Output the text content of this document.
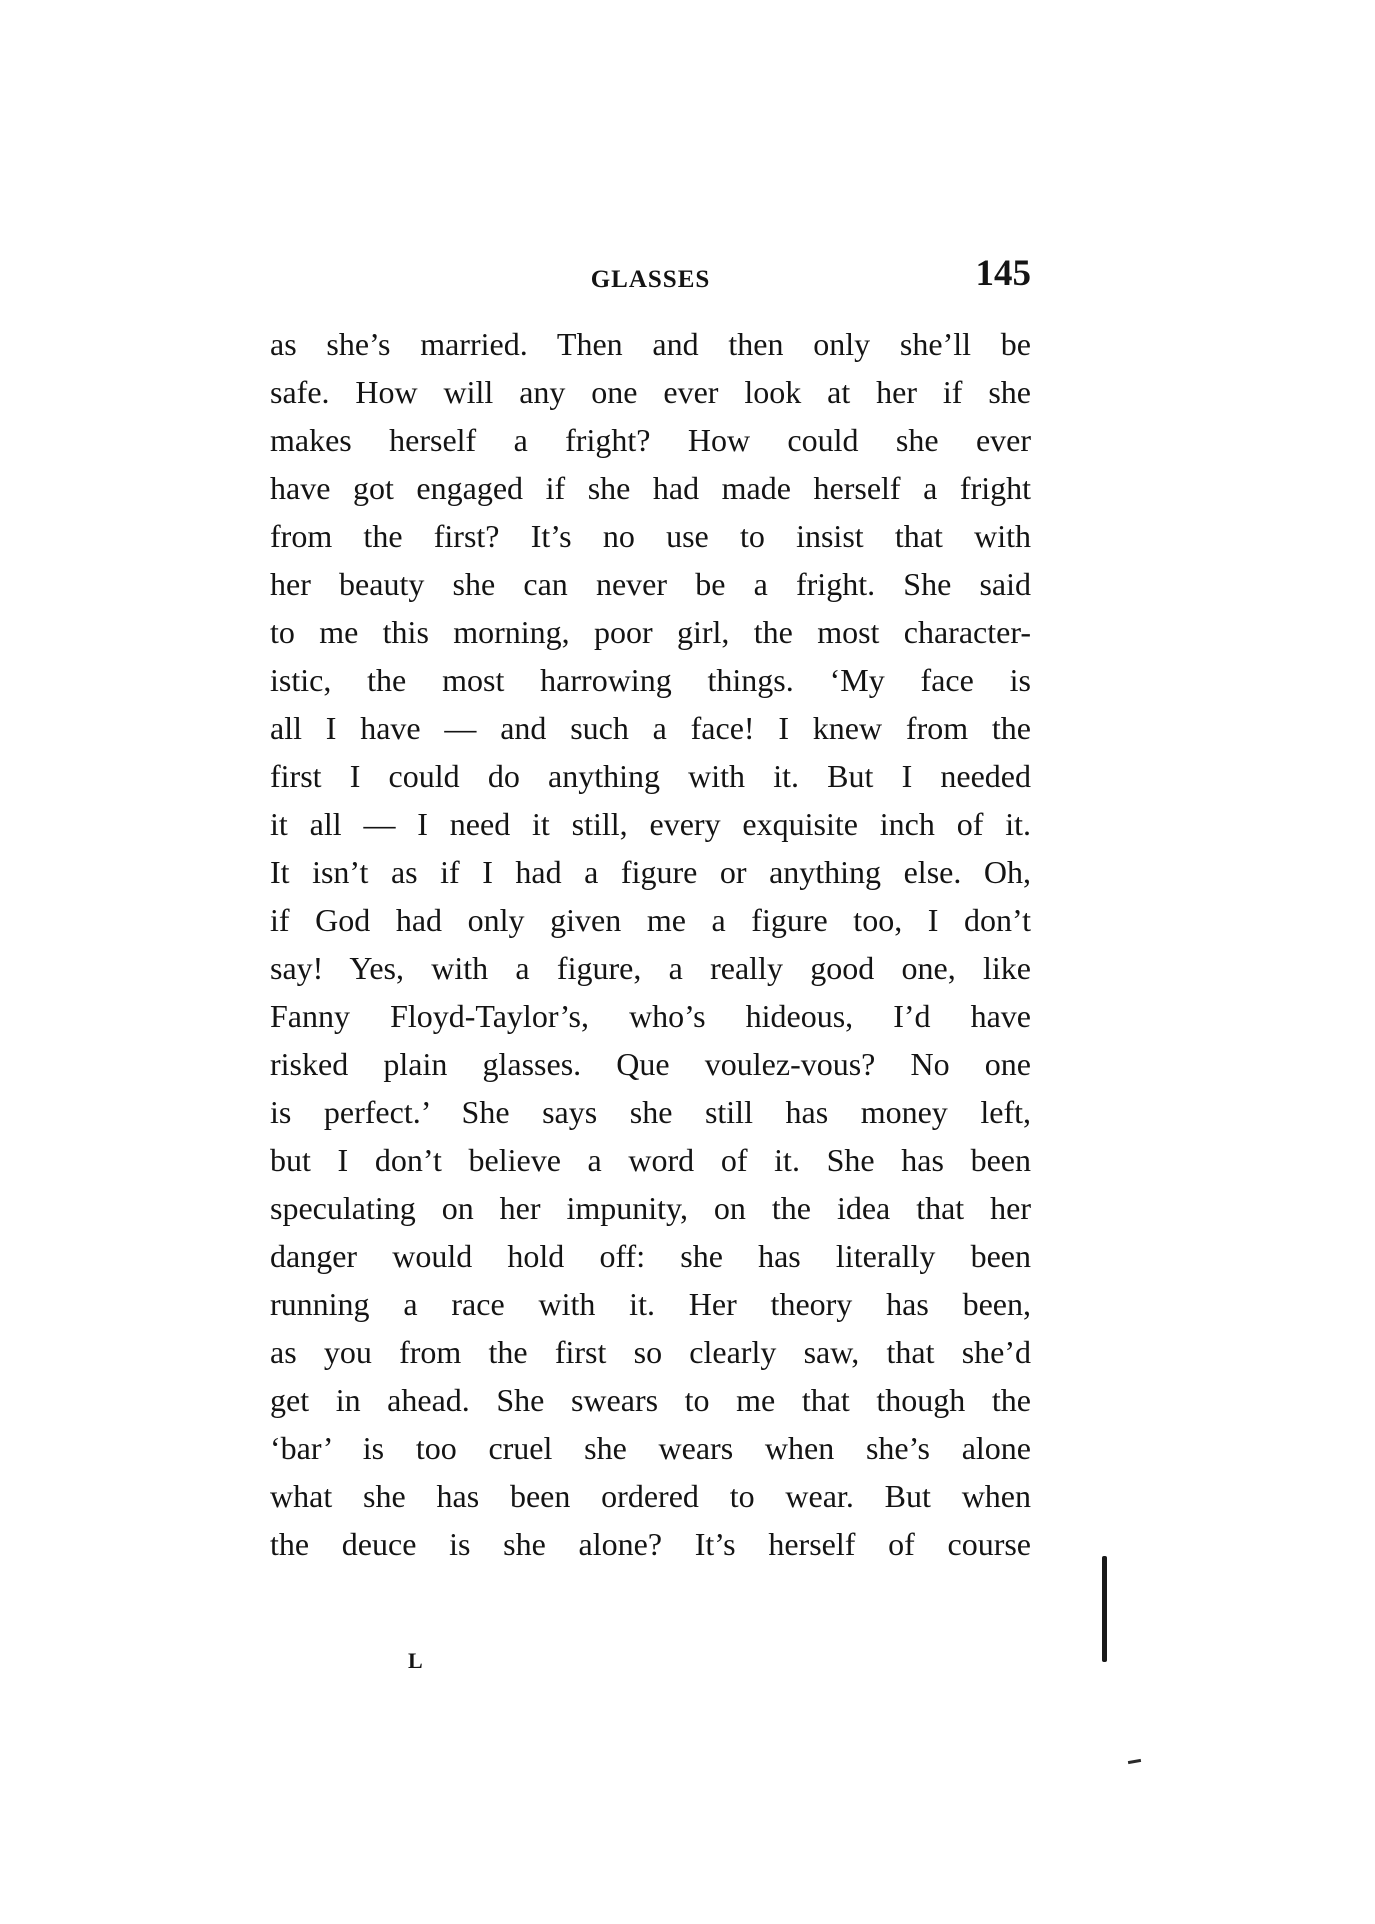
GLASSES	145
as she’s married. Then and then only she’ll be
safe. How will any one ever look at her if she
makes herself a fright? How could she ever
have got engaged if she had made herself a fright
from the first? It’s no use to insist that with
her beauty she can never be a fright. She said
to me this morning, poor girl, the most character-
istic, the most harrowing things. ‘My face is
all I have — and such a face! I knew from the
first I could do anything with it. But I needed
it all — I need it still, every exquisite inch of it.
It isn’t as if I had a figure or anything else. Oh,
if God had only given me a figure too, I don’t
say! Yes, with a figure, a really good one, like
Fanny Floyd-Taylor’s, who’s hideous, I’d have
risked plain glasses. Que voulez-vous? No one
is perfect.’ She says she still has money left,
but I don’t believe a word of it. She has been
speculating on her impunity, on the idea that her
danger would hold off: she has literally been
running a race with it. Her theory has been,
as you from the first so clearly saw, that she’d
get in ahead. She swears to me that though the
‘bar’ is too cruel she wears when she’s alone
what she has been ordered to wear. But when
the deuce is she alone? It’s herself of course
L
